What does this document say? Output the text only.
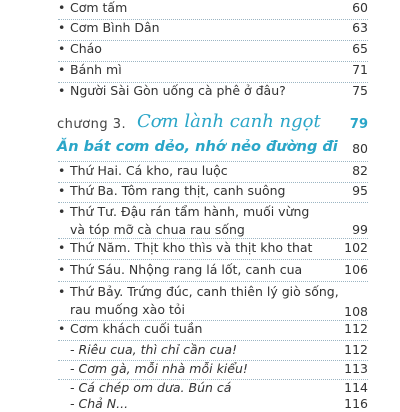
• Cơm tấm	60
• Cơm Bình Dân	63
• Cháo	65
• Bánh mì	71
• Người Sài Gòn uống cà phê ở đâu?	75
chương 3. Cơm lành canh ngọt 79
Ăn bát cơm dẻo, nhớ nẻo đường đi 80
• Thứ Hai. Cá kho, rau luộc	82
• Thứ Ba. Tôm rang thịt, canh suông	95
• Thứ Tư. Đậu rán tẩm hành, muối vừng
và tóp mỡ cà chua rau sống	99
• Thứ Năm. Thịt kho thìs và thịt kho that	102
• Thứ Sáu. Nhộng rang lá lốt, canh cua	106
• Thứ Bảy. Trứng đúc, canh thiên lý giò sống,
rau muống xào tỏi	108
• Cơm khách cuối tuần	112
- Riêu cua, thì chỉ cần cua!	112
- Cơm gà, mỗi nhà mỗi kiểu!	113
- Cá chép om dưa. Bún cá	114
- Chả N...	116
